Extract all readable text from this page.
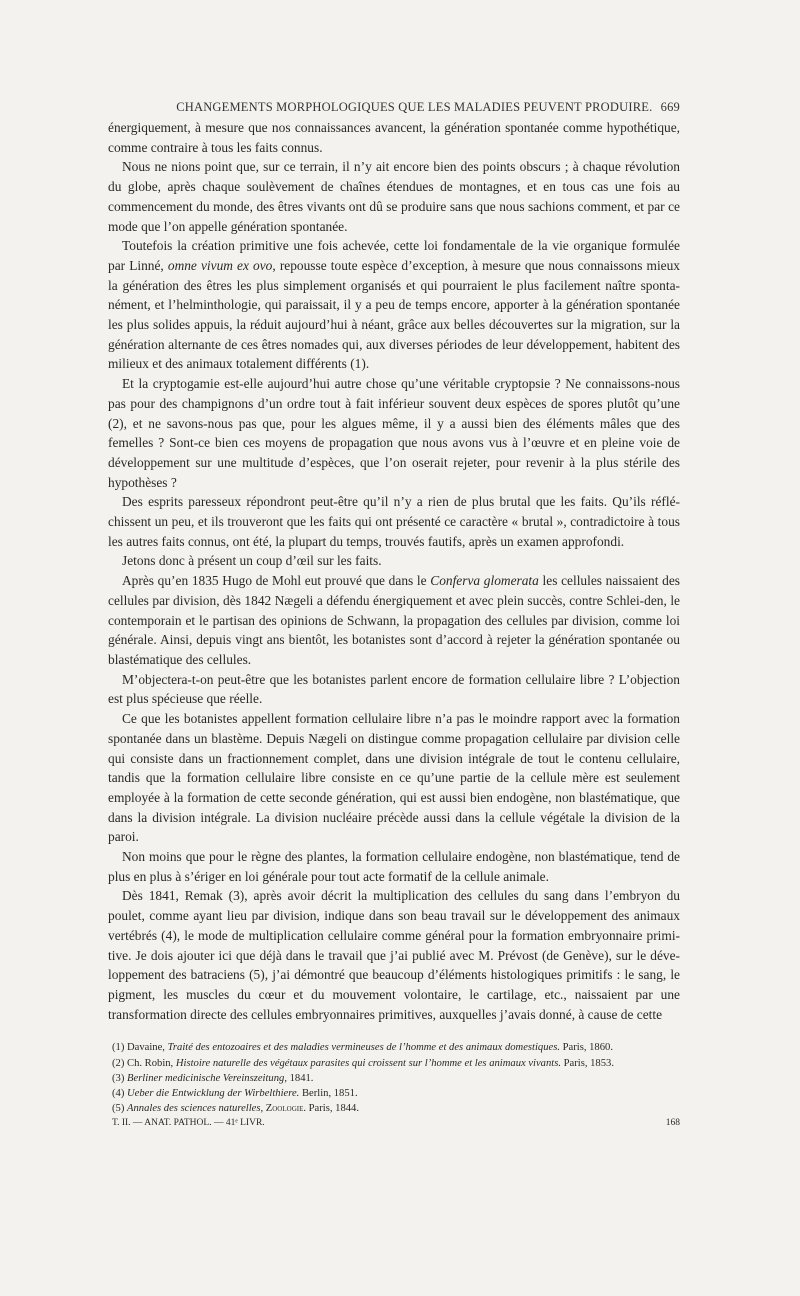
CHANGEMENTS MORPHOLOGIQUES QUE LES MALADIES PEUVENT PRODUIRE. 669

énergiquement, à mesure que nos connaissances avancent, la génération spontanée comme hypothétique, comme contraire à tous les faits connus.

Nous ne nions point que, sur ce terrain, il n’y ait encore bien des points obscurs ; à chaque révolution du globe, après chaque soulèvement de chaînes étendues de montagnes, et en tous cas une fois au commencement du monde, des êtres vivants ont dû se produire sans que nous sachions comment, et par ce mode que l’on appelle génération spontanée.

Toutefois la création primitive une fois achevée, cette loi fondamentale de la vie organique formulée par Linné, omne vivum ex ovo, repousse toute espèce d’exception, à mesure que nous connaissons mieux la génération des êtres les plus simplement organisés et qui pourraient le plus facilement naître sponta-nément, et l’helminthologie, qui paraissait, il y a peu de temps encore, apporter à la génération spontanée les plus solides appuis, la réduit aujourd’hui à néant, grâce aux belles découvertes sur la migration, sur la génération alternante de ces êtres nomades qui, aux diverses périodes de leur développement, habitent des milieux et des animaux totalement différents (1).

Et la cryptogamie est-elle aujourd’hui autre chose qu’une véritable cryptopsie ? Ne connaissons-nous pas pour des champignons d’un ordre tout à fait inférieur souvent deux espèces de spores plutôt qu’une (2), et ne savons-nous pas que, pour les algues même, il y a aussi bien des éléments mâles que des femelles ? Sont-ce bien ces moyens de propagation que nous avons vus à l’œuvre et en pleine voie de développement sur une multitude d’espèces, que l’on oserait rejeter, pour revenir à la plus stérile des hypothèses ?

Des esprits paresseux répondront peut-être qu’il n’y a rien de plus brutal que les faits. Qu’ils réflé-chissent un peu, et ils trouveront que les faits qui ont présenté ce caractère « brutal », contradictoire à tous les autres faits connus, ont été, la plupart du temps, trouvés fautifs, après un examen approfondi.

Jetons donc à présent un coup d’œil sur les faits.

Après qu’en 1835 Hugo de Mohl eut prouvé que dans le Conferva glomerata les cellules naissaient des cellules par division, dès 1842 Nægeli a défendu énergiquement et avec plein succès, contre Schlei-den, le contemporain et le partisan des opinions de Schwann, la propagation des cellules par division, comme loi générale. Ainsi, depuis vingt ans bientôt, les botanistes sont d’accord à rejeter la génération spontanée ou blastématique des cellules.

M’objectera-t-on peut-être que les botanistes parlent encore de formation cellulaire libre ? L’objection est plus spécieuse que réelle.

Ce que les botanistes appellent formation cellulaire libre n’a pas le moindre rapport avec la formation spontanée dans un blastème. Depuis Nægeli on distingue comme propagation cellulaire par division celle qui consiste dans un fractionnement complet, dans une division intégrale de tout le contenu cellulaire, tandis que la formation cellulaire libre consiste en ce qu’une partie de la cellule mère est seulement employée à la formation de cette seconde génération, qui est aussi bien endogène, non blastématique, que dans la division intégrale. La division nucléaire précède aussi dans la cellule végétale la division de la paroi.

Non moins que pour le règne des plantes, la formation cellulaire endogène, non blastématique, tend de plus en plus à s’ériger en loi générale pour tout acte formatif de la cellule animale.

Dès 1841, Remak (3), après avoir décrit la multiplication des cellules du sang dans l’embryon du poulet, comme ayant lieu par division, indique dans son beau travail sur le développement des animaux vertébrés (4), le mode de multiplication cellulaire comme général pour la formation embryonnaire primi-tive. Je dois ajouter ici que déjà dans le travail que j’ai publié avec M. Prévost (de Genève), sur le déve-loppement des batraciens (5), j’ai démontré que beaucoup d’éléments histologiques primitifs : le sang, le pigment, les muscles du cœur et du mouvement volontaire, le cartilage, etc., naissaient par une transformation directe des cellules embryonnaires primitives, auxquelles j’avais donné, à cause de cette

(1) Davaine, Traité des entozoaires et des maladies vermineuses de l’homme et des animaux domestiques. Paris, 1860.
(2) Ch. Robin, Histoire naturelle des végétaux parasites qui croissent sur l’homme et les animaux vivants. Paris, 1853.
(3) Berliner medicinische Vereinszeitung, 1841.
(4) Ueber die Entwicklung der Wirbelthiere. Berlin, 1851.
(5) Annales des sciences naturelles, Zoologie. Paris, 1844.
T. II. — ANAT. PATHOL. — 41ᵉ LIVR.	168
